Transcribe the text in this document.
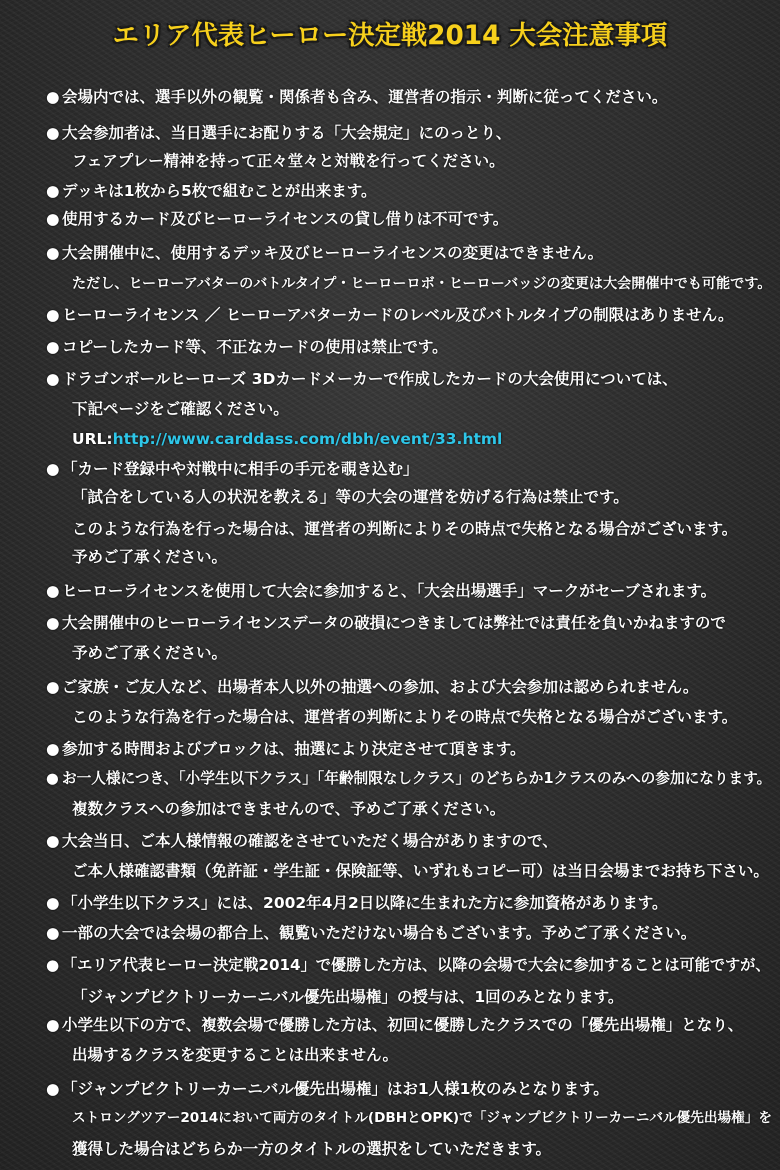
エリア代表ヒーロー決定戦2014 大会注意事項
● 会場内では、選手以外の観覧・関係者も含み、運営者の指示・判断に従ってください。
● 大会参加者は、当日選手にお配りする「大会規定」にのっとり、
フェアプレー精神を持って正々堂々と対戦を行ってください。
● デッキは1枚から5枚で組むことが出来ます。
● 使用するカード及びヒーローライセンスの貸し借りは不可です。
● 大会開催中に、使用するデッキ及びヒーローライセンスの変更はできません。
ただし、ヒーローアバターのバトルタイプ・ヒーローロボ・ヒーローバッジの変更は大会開催中でも可能です。
● ヒーローライセンス ／ ヒーローアバターカードのレベル及びバトルタイプの制限はありません。
● コピーしたカード等、不正なカードの使用は禁止です。
● ドラゴンボールヒーローズ 3Dカードメーカーで作成したカードの大会使用については、
下記ページをご確認ください。
URL:http://www.carddass.com/dbh/event/33.html
● 「カード登録中や対戦中に相手の手元を覗き込む」
「試合をしている人の状況を教える」等の大会の運営を妨げる行為は禁止です。
このような行為を行った場合は、運営者の判断によりその時点で失格となる場合がございます。
予めご了承ください。
● ヒーローライセンスを使用して大会に参加すると、「大会出場選手」マークがセーブされます。
● 大会開催中のヒーローライセンスデータの破損につきましては弊社では責任を負いかねますので
予めご了承ください。
● ご家族・ご友人など、出場者本人以外の抽選への参加、および大会参加は認められません。
このような行為を行った場合は、運営者の判断によりその時点で失格となる場合がございます。
● 参加する時間およびブロックは、抽選により決定させて頂きます。
● お一人様につき、「小学生以下クラス」「年齢制限なしクラス」のどちらか1クラスのみへの参加になります。
複数クラスへの参加はできませんので、予めご了承ください。
● 大会当日、ご本人様情報の確認をさせていただく場合がありますので、
ご本人様確認書類（免許証・学生証・保険証等、いずれもコピー可）は当日会場までお持ち下さい。
● 「小学生以下クラス」には、2002年4月2日以降に生まれた方に参加資格があります。
● 一部の大会では会場の都合上、観覧いただけない場合もございます。予めご了承ください。
● 「エリア代表ヒーロー決定戦2014」で優勝した方は、以降の会場で大会に参加することは可能ですが、
「ジャンプビクトリーカーニバル優先出場権」の授与は、1回のみとなります。
● 小学生以下の方で、複数会場で優勝した方は、初回に優勝したクラスでの「優先出場権」となり、
出場するクラスを変更することは出来ません。
● 「ジャンプビクトリーカーニバル優先出場権」はお1人様1枚のみとなります。
ストロングツアー2014において両方のタイトル(DBHとOPK)で「ジャンプビクトリーカーニバル優先出場権」を
獲得した場合はどちらか一方のタイトルの選択をしていただきます。
